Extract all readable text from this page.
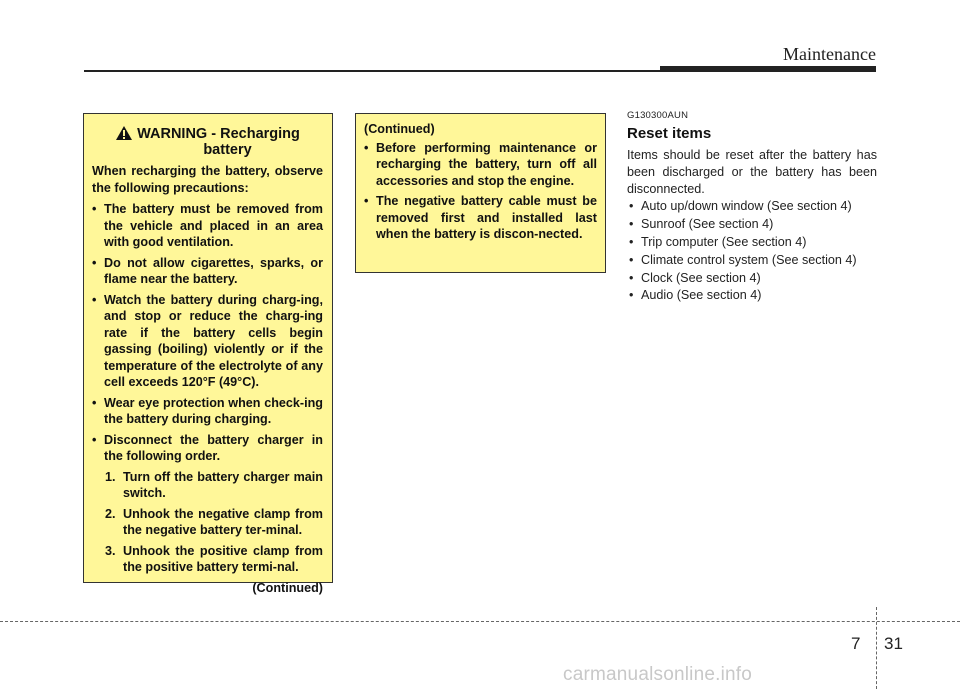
Maintenance
WARNING
- Recharging
battery
When recharging the battery, observe the following precautions:
• The battery must be removed from the vehicle and placed in an area with good ventilation.
• Do not allow cigarettes, sparks, or flame near the battery.
• Watch the battery during charg-ing, and stop or reduce the charg-ing rate if the battery cells begin gassing (boiling) violently or if the temperature of the electrolyte of any cell exceeds 120°F (49°C).
• Wear eye protection when check-ing the battery during charging.
• Disconnect the battery charger in the following order.
1. Turn off the battery charger main switch.
2. Unhook the negative clamp from the negative battery ter-minal.
3. Unhook the positive clamp from the positive battery termi-nal.
(Continued)
(Continued)
• Before performing maintenance or recharging the battery, turn off all accessories and stop the engine.
• The negative battery cable must be removed first and installed last when the battery is discon-nected.
G130300AUN
Reset items
Items should be reset after the battery has been discharged or the battery has been disconnected.
• Auto up/down window (See section 4)
• Sunroof (See section 4)
• Trip computer (See section 4)
• Climate control system (See section 4)
• Clock (See section 4)
• Audio (See section 4)
7 31
carmanualsonline.info
